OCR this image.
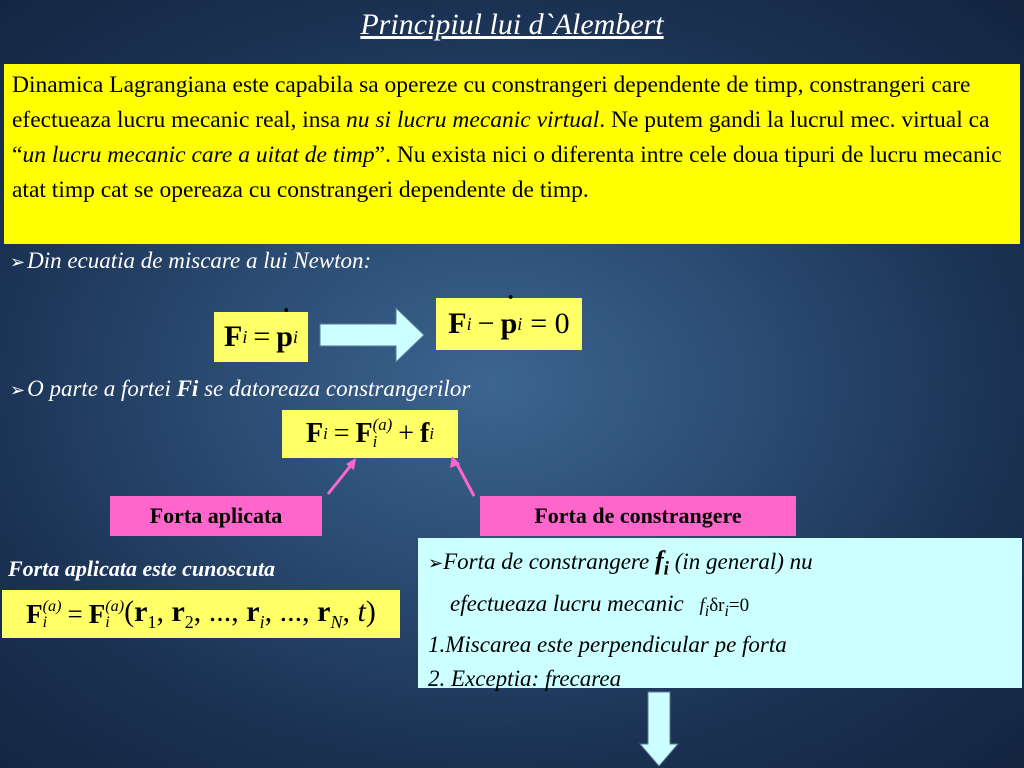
Principiul lui d`Alembert
Dinamica Lagrangiana este capabila sa opereze cu constrangeri dependente de timp, constrangeri care efectueaza lucru mecanic real, insa nu si lucru mecanic virtual. Ne putem gandi la lucrul mec. virtual ca “un lucru mecanic care a uitat de timp”. Nu exista nici o diferenta intre cele doua tipuri de lucru mecanic atat timp cat se opereaza cu constrangeri dependente de timp.
➢Din ecuatia de miscare a lui Newton:
F i =
·
p i	F i −
·
p i = 0
➢O parte a fortei Fi se datoreaza constrangerilor
F i = F (a)
i + f i
Forta aplicata	Forta de constrangere
Forta aplicata este cunoscuta
F (a)
i = F (a)
i ($r_1$, $r_2$, ..., $r_i$, ..., $r_N$, t)
➢Forta de constrangere $f_i$ (in general) nu
efectueaza lucru mecanic $f_i\delta r_i=0$
1.Miscarea este perpendicular pe forta
2. Exceptia: frecarea
